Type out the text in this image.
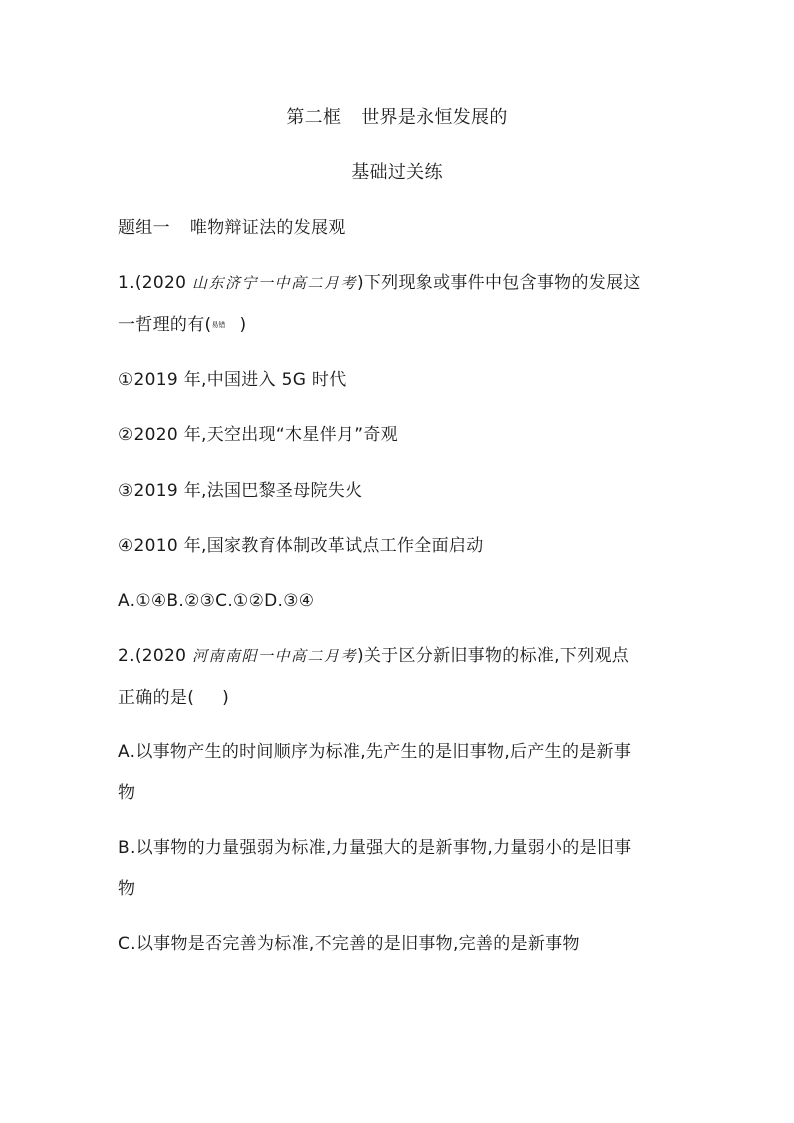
第二框 世界是永恒发展的
基础过关练
题组一 唯物辩证法的发展观
1.(2020 山东济宁一中高二月考)下列现象或事件中包含事物的发展这
一哲理的有(易错 )
①2019 年,中国进入 5G 时代
②2020 年,天空出现“木星伴月”奇观
③2019 年,法国巴黎圣母院失火
④2010 年,国家教育体制改革试点工作全面启动
A.①④B.②③C.①②D.③④
2.(2020 河南南阳一中高二月考)关于区分新旧事物的标准,下列观点
正确的是( )
A.以事物产生的时间顺序为标准,先产生的是旧事物,后产生的是新事
物
B.以事物的力量强弱为标准,力量强大的是新事物,力量弱小的是旧事
物
C.以事物是否完善为标准,不完善的是旧事物,完善的是新事物
